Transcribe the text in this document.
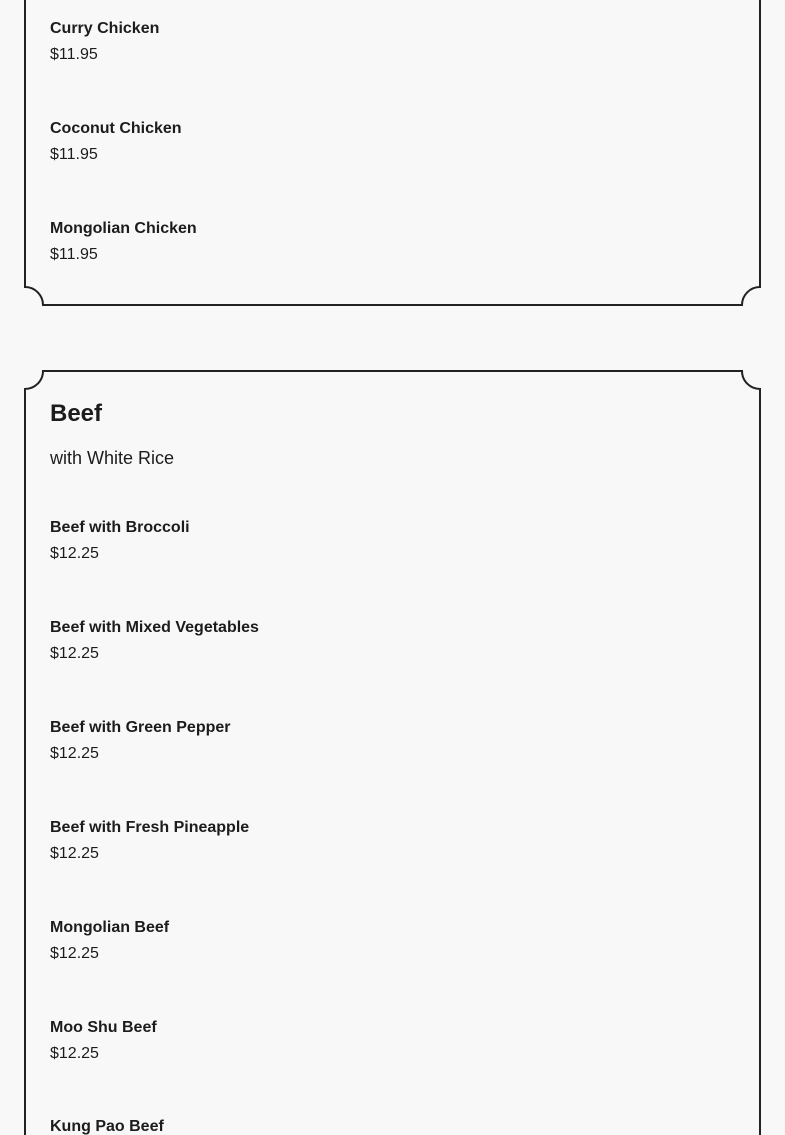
Curry Chicken
$11.95
Coconut Chicken
$11.95
Mongolian Chicken
$11.95
Beef
with White Rice
Beef with Broccoli
$12.25
Beef with Mixed Vegetables
$12.25
Beef with Green Pepper
$12.25
Beef with Fresh Pineapple
$12.25
Mongolian Beef
$12.25
Moo Shu Beef
$12.25
Kung Pao Beef
